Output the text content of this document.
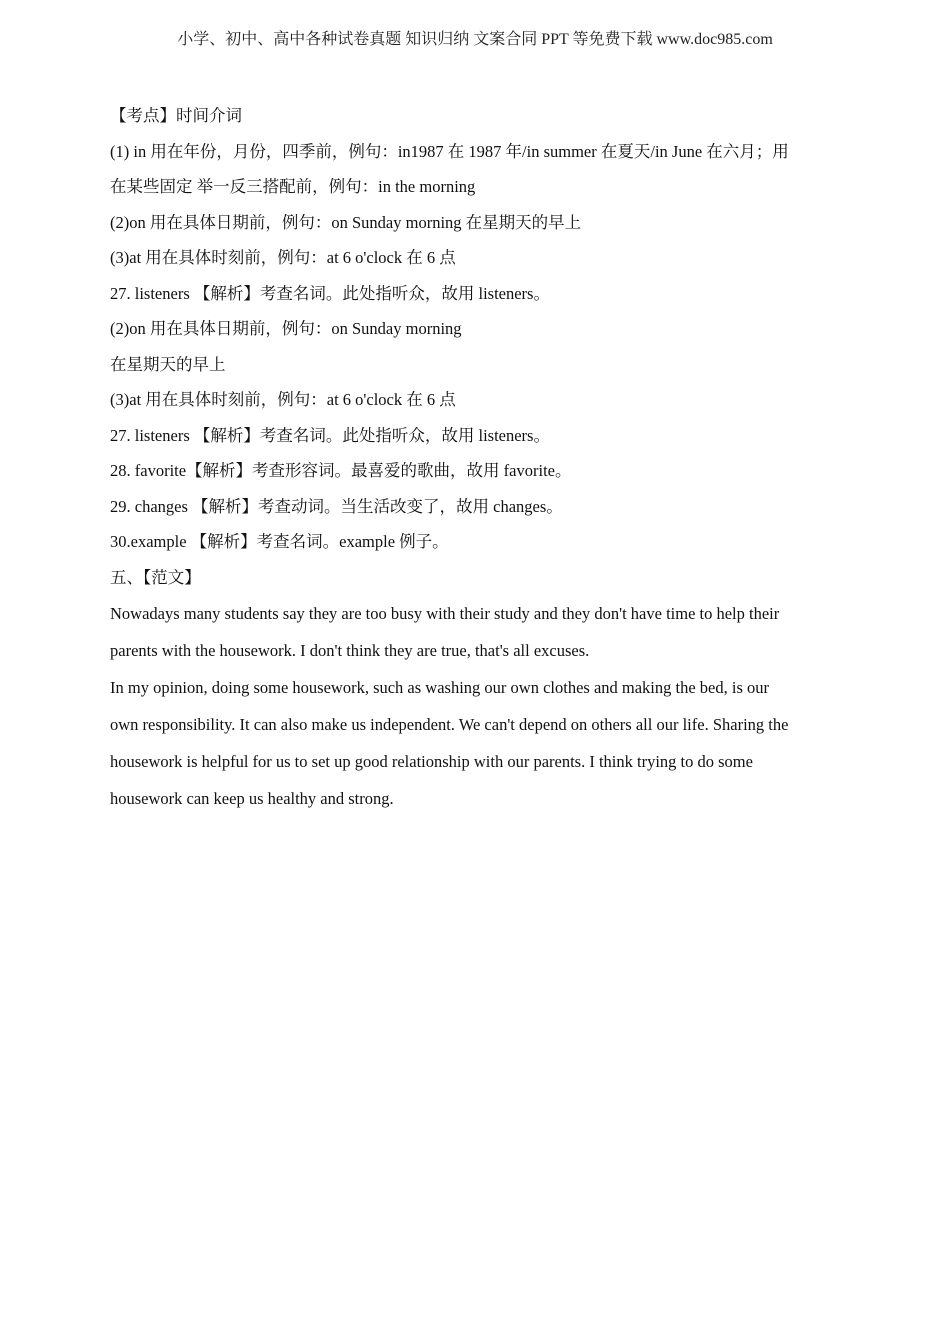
小学、初中、高中各种试卷真题 知识归纳 文案合同 PPT 等免费下载 www.doc985.com
【考点】时间介词
(1) in 用在年份，月份，四季前，例句：in1987 在 1987 年/in summer 在夏天/in June 在六月；用
在某些固定 举一反三搭配前，例句：in the morning
(2)on 用在具体日期前，例句：on Sunday morning 在星期天的早上
(3)at 用在具体时刻前，例句：at 6 o'clock 在 6 点
27. listeners 【解析】考查名词。此处指听众，故用 listeners。
(2)on 用在具体日期前，例句：on Sunday morning
在星期天的早上
(3)at 用在具体时刻前，例句：at 6 o'clock 在 6 点
27. listeners 【解析】考查名词。此处指听众，故用 listeners。
28. favorite【解析】考查形容词。最喜爱的歌曲，故用 favorite。
29. changes 【解析】考查动词。当生活改变了，故用 changes。
30.example 【解析】考查名词。example 例子。
五、【范文】
Nowadays many students say they are too busy with their study and they don't have time to help their
parents with the housework. I don't think they are true, that's all excuses.
In my opinion, doing some housework, such as washing our own clothes and making the bed, is our
own responsibility. It can also make us independent. We can't depend on others all our life. Sharing the
housework is helpful for us to set up good relationship with our parents. I think trying to do some
housework can keep us healthy and strong.
